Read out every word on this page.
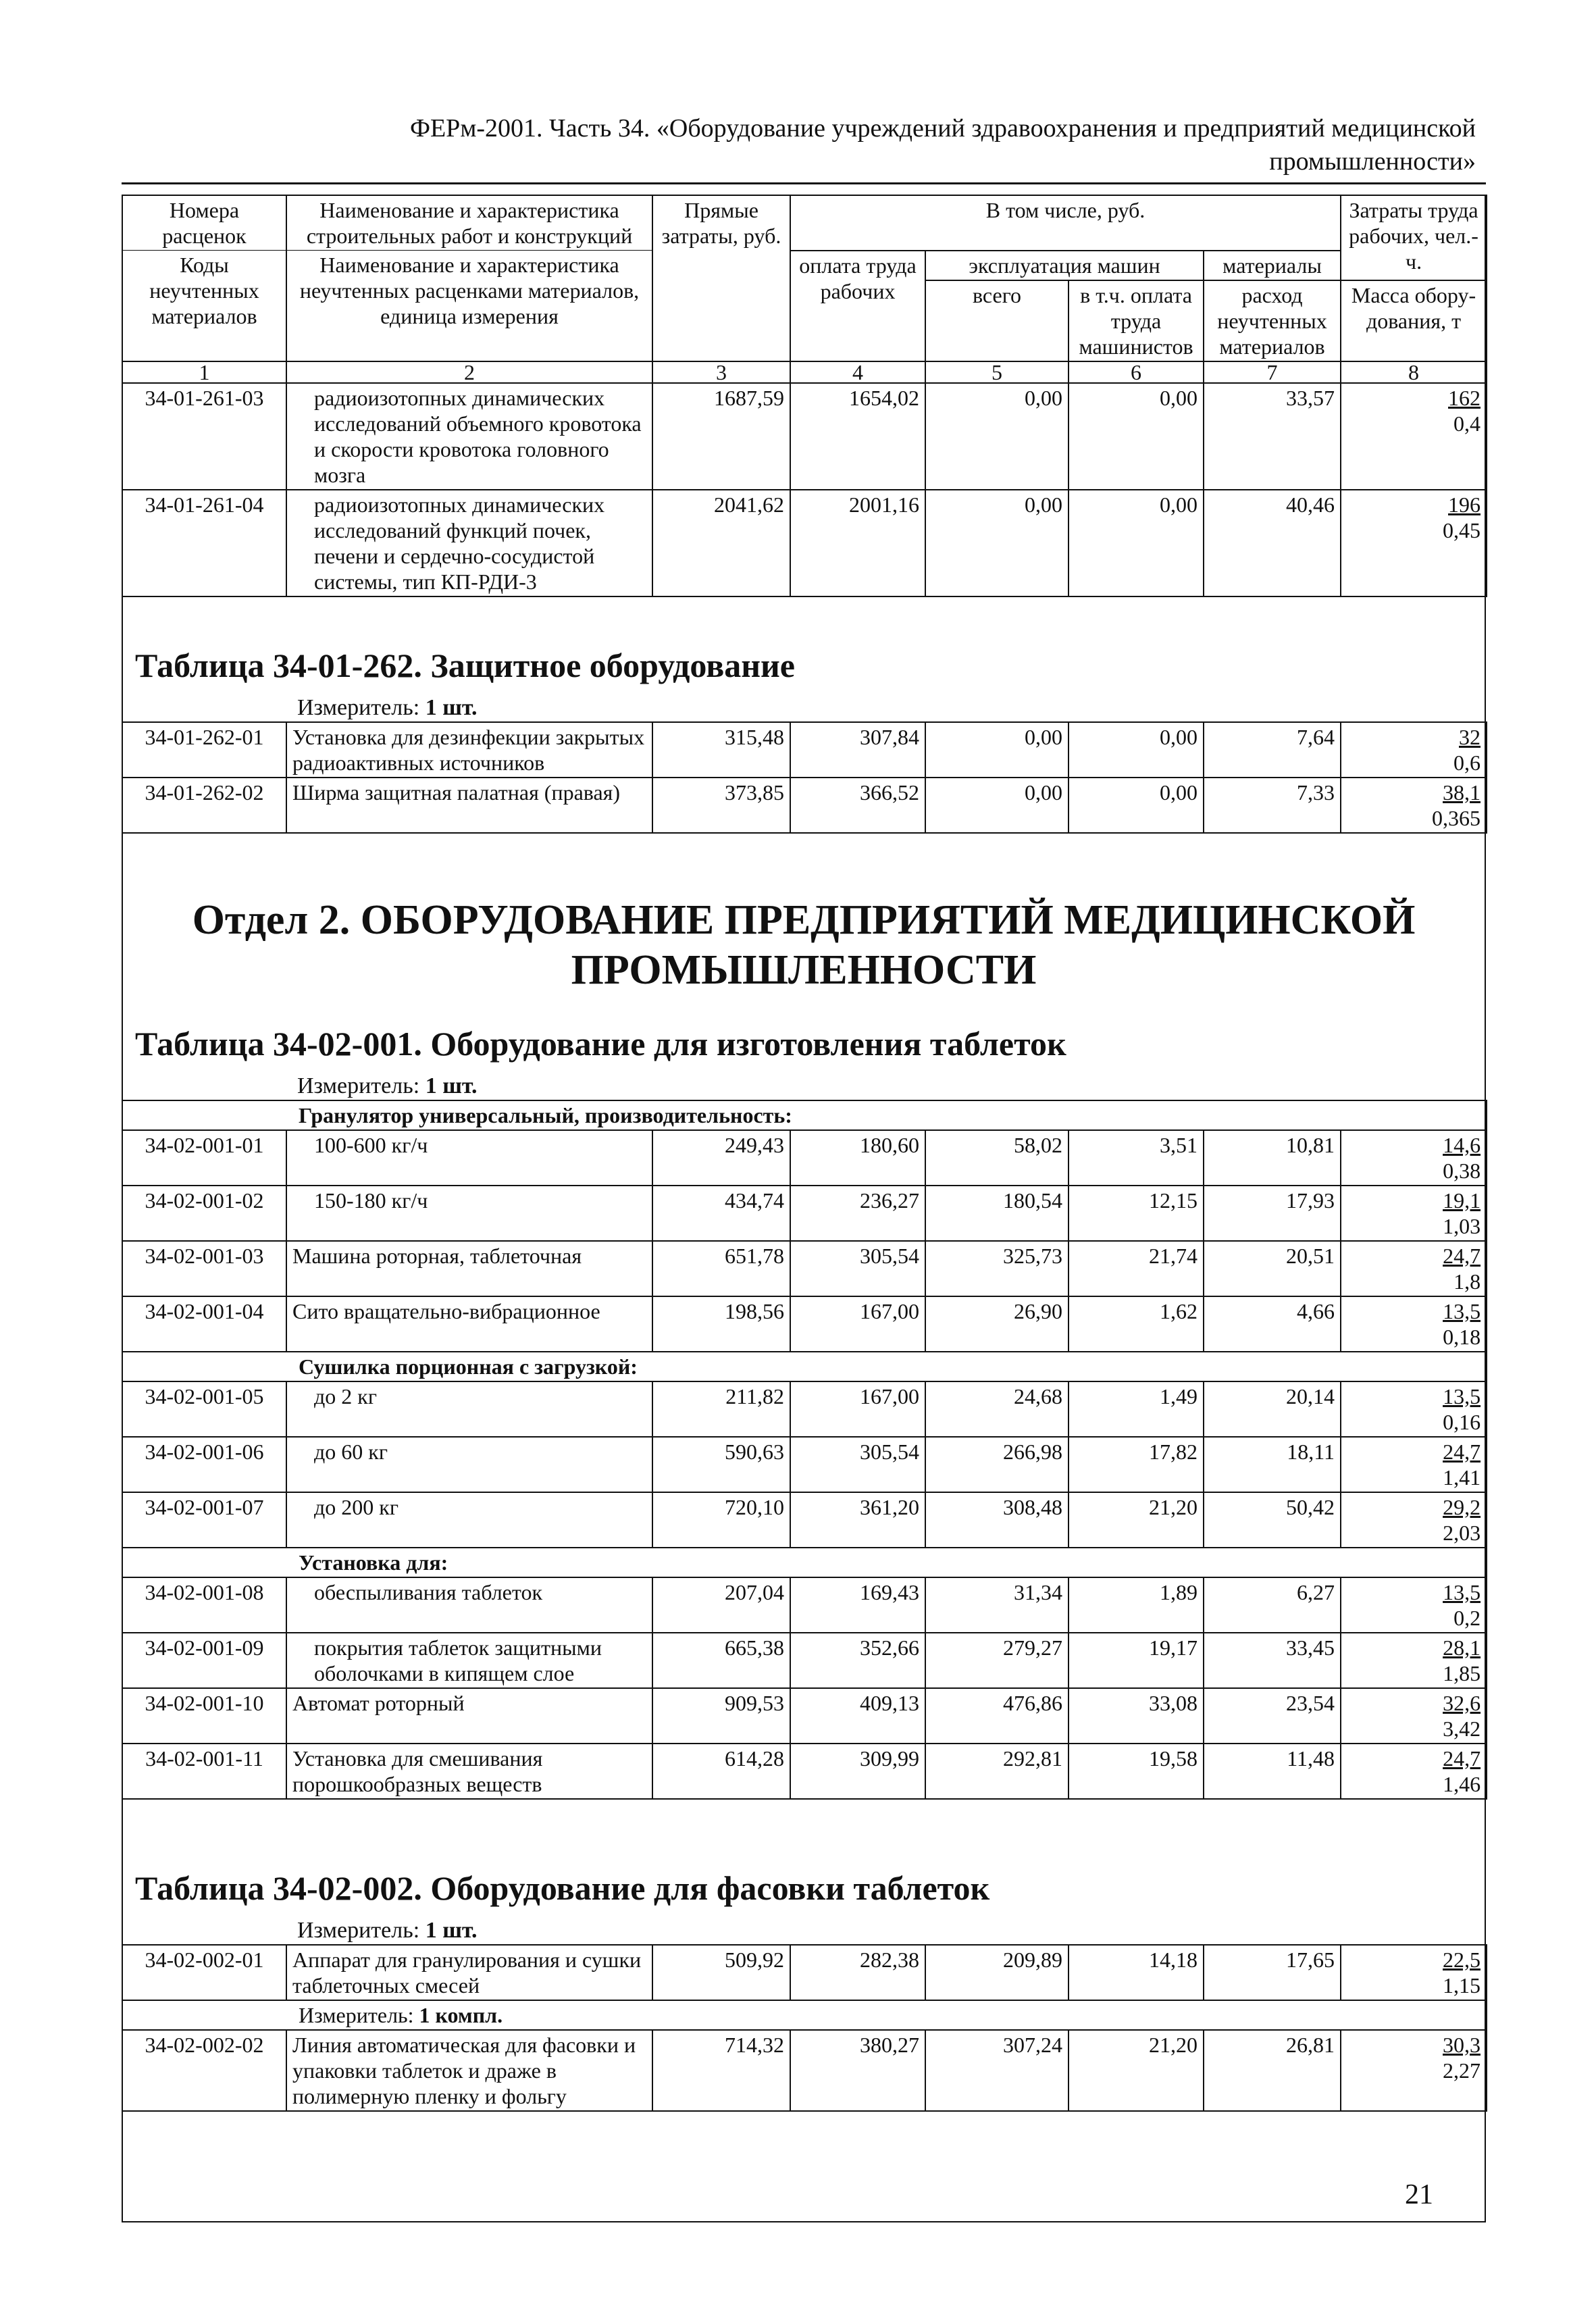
ФЕРм-2001. Часть 34. «Оборудование учреждений здравоохранения и предприятий медицинской
промышленности»
Номера расценок	Наименование и характеристика строительных работ и конструкций	Прямые затраты, руб.	В том числе, руб.				Затраты труда рабочих, чел.-ч.
Коды неучтенных материалов	Наименование и характеристика неучтенных расценками материалов, единица измерения		оплата труда рабочих	эксплуатация машин		материалы	
				всего	в т.ч. оплата труда машинистов	расход неучтенных материалов	
							Масса обору-дования, т
1	2	3	4	5	6	7	8
34-01-261-03	радиоизотопных динамических исследований объемного кровотока и скорости кровотока головного мозга	1687,59	1654,02	0,00	0,00	33,57	162
0,4

34-01-261-04	радиоизотопных динамических исследований функций почек, печени и сердечно-сосудистой системы, тип КП-РДИ-3	2041,62	2001,16	0,00	0,00	40,46	196
0,45
Таблица 34-01-262. Защитное оборудование
Измеритель: 1 шт.
34-01-262-01	Установка для дезинфекции закрытых радиоактивных источников	315,48	307,84	0,00	0,00	7,64	32
0,6

34-01-262-02	Ширма защитная палатная (правая)	373,85	366,52	0,00	0,00	7,33	38,1
0,365
Отдел 2. ОБОРУДОВАНИЕ ПРЕДПРИЯТИЙ МЕДИЦИНСКОЙ
ПРОМЫШЛЕННОСТИ
Таблица 34-02-001. Оборудование для изготовления таблеток
Измеритель: 1 шт.
Гранулятор универсальный, производительность:							
34-02-001-01	100-600 кг/ч	249,43	180,60	58,02	3,51	10,81	14,6
0,38

34-02-001-02	150-180 кг/ч	434,74	236,27	180,54	12,15	17,93	19,1
1,03

34-02-001-03	Машина роторная, таблеточная	651,78	305,54	325,73	21,74	20,51	24,7
1,8

34-02-001-04	Сито вращательно-вибрационное	198,56	167,00	26,90	1,62	4,66	13,5
0,18

Сушилка порционная с загрузкой:							
34-02-001-05	до 2 кг	211,82	167,00	24,68	1,49	20,14	13,5
0,16

34-02-001-06	до 60 кг	590,63	305,54	266,98	17,82	18,11	24,7
1,41

34-02-001-07	до 200 кг	720,10	361,20	308,48	21,20	50,42	29,2
2,03

Установка для:							
34-02-001-08	обеспыливания таблеток	207,04	169,43	31,34	1,89	6,27	13,5
0,2

34-02-001-09	покрытия таблеток защитными оболочками в кипящем слое	665,38	352,66	279,27	19,17	33,45	28,1
1,85

34-02-001-10	Автомат роторный	909,53	409,13	476,86	33,08	23,54	32,6
3,42

34-02-001-11	Установка для смешивания порошкообразных веществ	614,28	309,99	292,81	19,58	11,48	24,7
1,46
Таблица 34-02-002. Оборудование для фасовки таблеток
Измеритель: 1 шт.
34-02-002-01	Аппарат для гранулирования и сушки таблеточных смесей	509,92	282,38	209,89	14,18	17,65	22,5
1,15

Измеритель: 1 компл.							
34-02-002-02	Линия автоматическая для фасовки и упаковки таблеток и драже в полимерную пленку и фольгу	714,32	380,27	307,24	21,20	26,81	30,3
2,27
21
